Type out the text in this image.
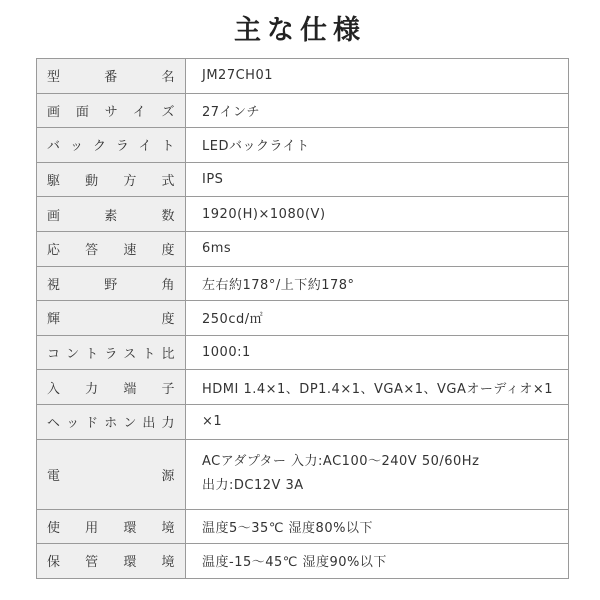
主な仕様
型番名	JM27CH01
画面サイズ	27インチ
バックライト	LEDバックライト
駆動方式	IPS
画素数	1920(H)×1080(V)
応答速度	6ms
視野角	左右約178°/上下約178°
輝度	250cd/㎡
コントラスト比	1000:1
入力端子	HDMI 1.4×1、DP1.4×1、VGA×1、VGAオーディオ×1
ヘッドホン出力	×1
電源	ACアダプター 入力:AC100～240V 50/60Hz
出力:DC12V 3A

使用環境	温度5～35℃ 湿度80%以下
保管環境	温度-15～45℃ 湿度90%以下
